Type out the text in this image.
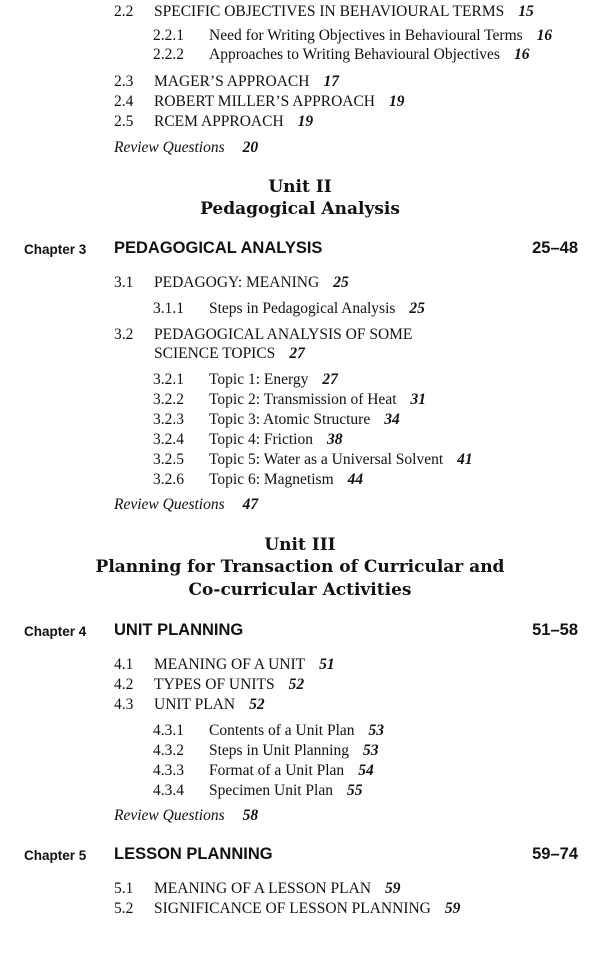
2.2 SPECIFIC OBJECTIVES IN BEHAVIOURAL TERMS 15
2.2.1 Need for Writing Objectives in Behavioural Terms 16
2.2.2 Approaches to Writing Behavioural Objectives 16
2.3 MAGER’S APPROACH 17
2.4 ROBERT MILLER’S APPROACH 19
2.5 RCEM APPROACH 19
Review Questions 20
Unit II
Pedagogical Analysis
Chapter 3 PEDAGOGICAL ANALYSIS	25–48
3.1 PEDAGOGY: MEANING 25
3.1.1 Steps in Pedagogical Analysis 25
3.2 PEDAGOGICAL ANALYSIS OF SOME
SCIENCE TOPICS 27
3.2.1 Topic 1: Energy 27
3.2.2 Topic 2: Transmission of Heat 31
3.2.3 Topic 3: Atomic Structure 34
3.2.4 Topic 4: Friction 38
3.2.5 Topic 5: Water as a Universal Solvent 41
3.2.6 Topic 6: Magnetism 44
Review Questions 47
Unit III
Planning for Transaction of Curricular and
Co-curricular Activities
Chapter 4 UNIT PLANNING	51–58
4.1 MEANING OF A UNIT 51
4.2 TYPES OF UNITS 52
4.3 UNIT PLAN 52
4.3.1 Contents of a Unit Plan 53
4.3.2 Steps in Unit Planning 53
4.3.3 Format of a Unit Plan 54
4.3.4 Specimen Unit Plan 55
Review Questions 58
Chapter 5 LESSON PLANNING	59–74
5.1 MEANING OF A LESSON PLAN 59
5.2 SIGNIFICANCE OF LESSON PLANNING 59
